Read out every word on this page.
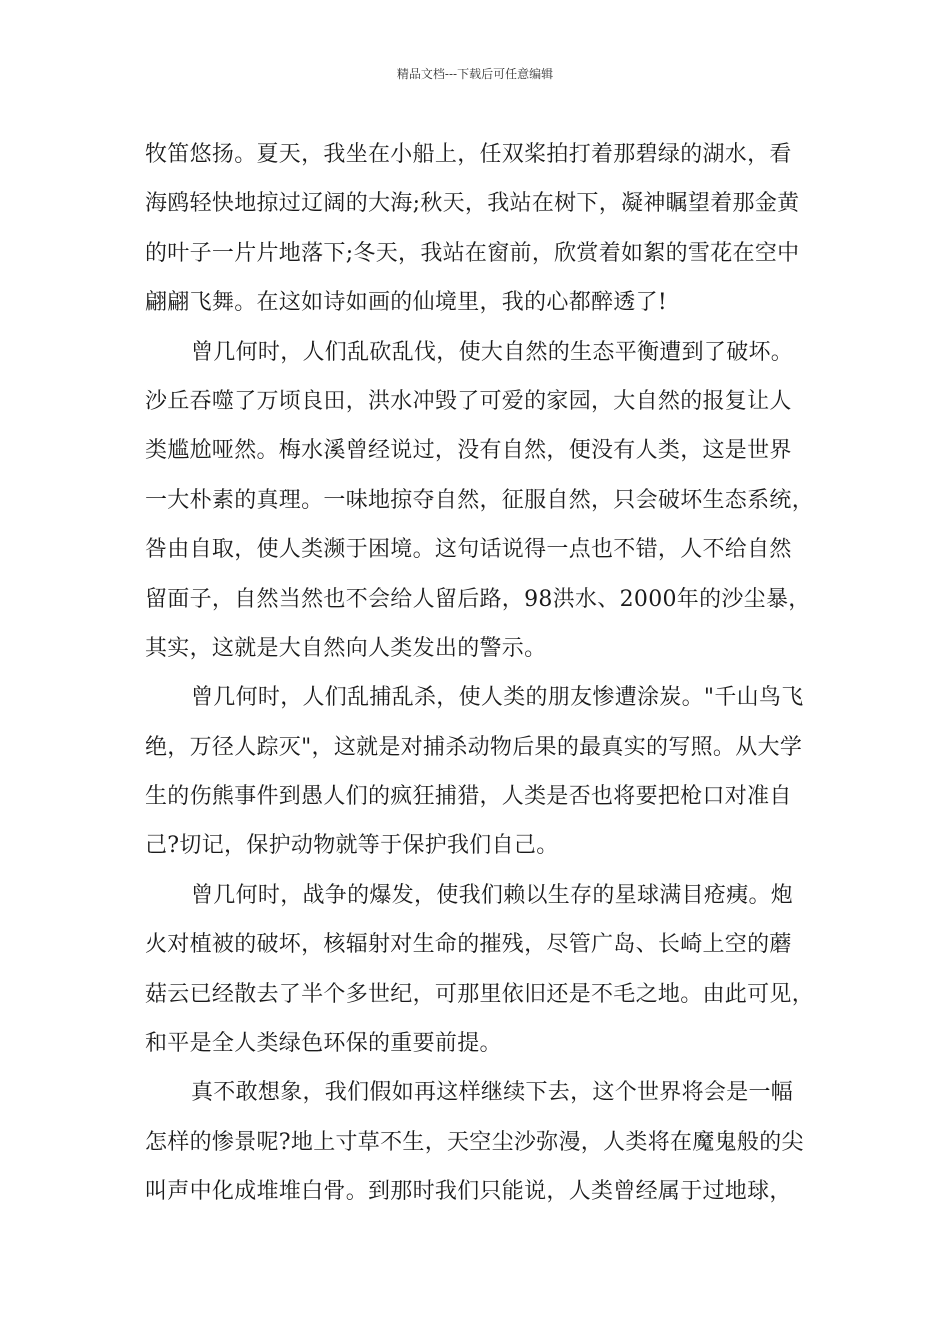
精品文档---下载后可任意编辑
牧笛悠扬。夏天，我坐在小船上，任双桨拍打着那碧绿的湖水，看
海鸥轻快地掠过辽阔的大海;秋天，我站在树下，凝神瞩望着那金黄
的叶子一片片地落下;冬天，我站在窗前，欣赏着如絮的雪花在空中
翩翩飞舞。在这如诗如画的仙境里，我的心都醉透了!
曾几何时，人们乱砍乱伐，使大自然的生态平衡遭到了破坏。
沙丘吞噬了万顷良田，洪水冲毁了可爱的家园，大自然的报复让人
类尴尬哑然。梅水溪曾经说过，没有自然，便没有人类，这是世界
一大朴素的真理。一味地掠夺自然，征服自然，只会破坏生态系统，
咎由自取，使人类濒于困境。这句话说得一点也不错，人不给自然
留面子，自然当然也不会给人留后路，98洪水、2000年的沙尘暴，
其实，这就是大自然向人类发出的警示。
曾几何时，人们乱捕乱杀，使人类的朋友惨遭涂炭。"千山鸟飞
绝，万径人踪灭"，这就是对捕杀动物后果的最真实的写照。从大学
生的伤熊事件到愚人们的疯狂捕猎，人类是否也将要把枪口对准自
己?切记，保护动物就等于保护我们自己。
曾几何时，战争的爆发，使我们赖以生存的星球满目疮痍。炮
火对植被的破坏，核辐射对生命的摧残，尽管广岛、长崎上空的蘑
菇云已经散去了半个多世纪，可那里依旧还是不毛之地。由此可见，
和平是全人类绿色环保的重要前提。
真不敢想象，我们假如再这样继续下去，这个世界将会是一幅
怎样的惨景呢?地上寸草不生，天空尘沙弥漫，人类将在魔鬼般的尖
叫声中化成堆堆白骨。到那时我们只能说，人类曾经属于过地球，
